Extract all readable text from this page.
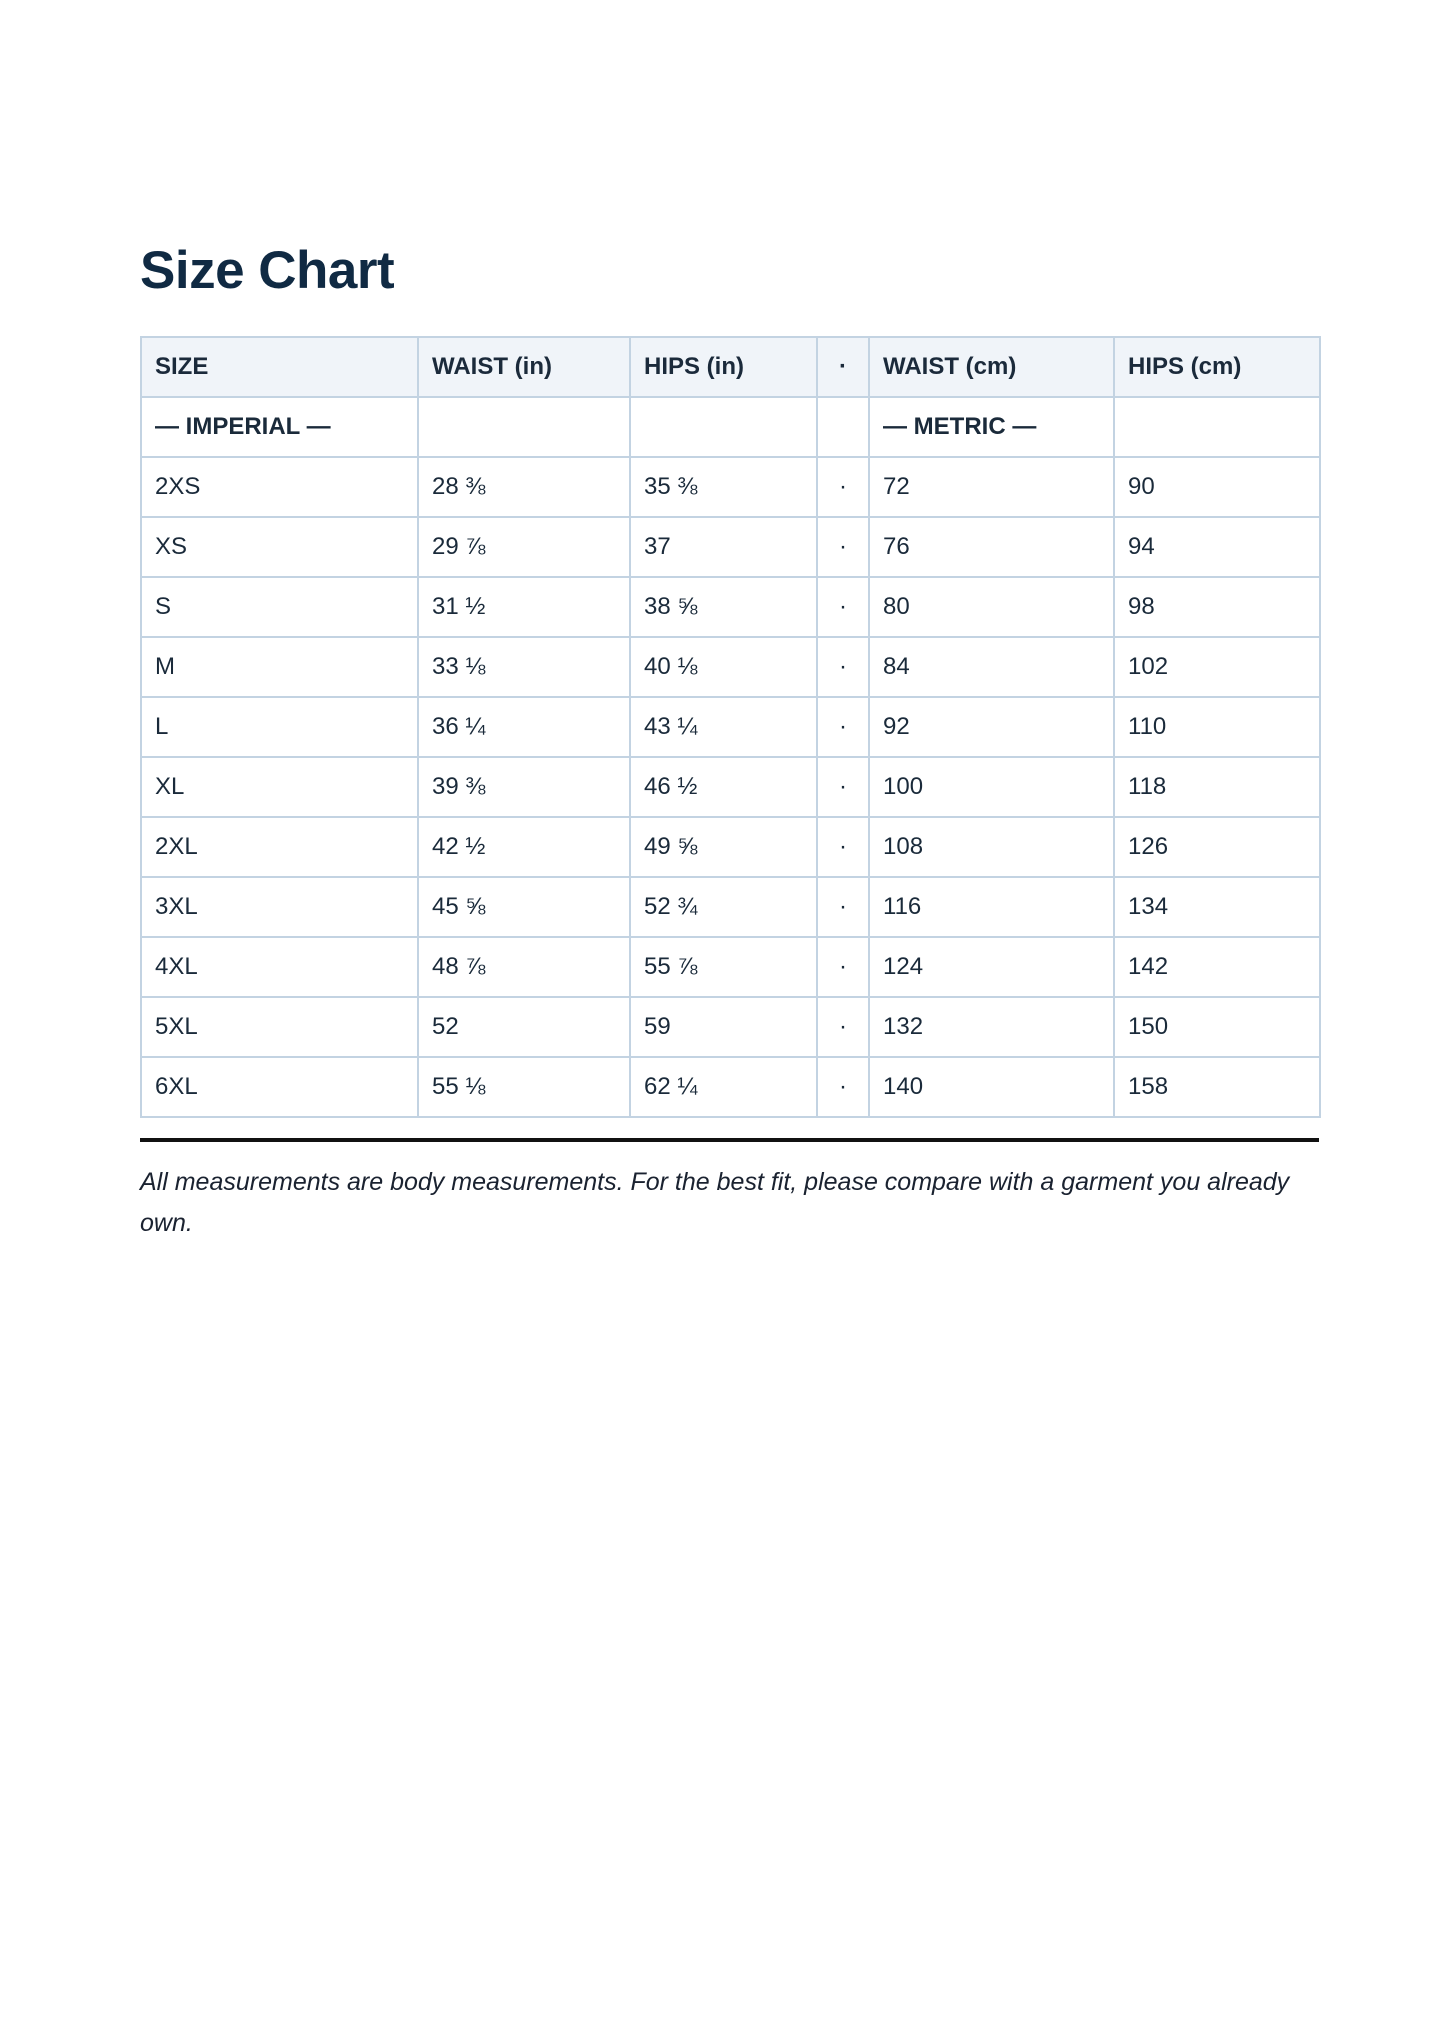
Size Chart
SIZE	WAIST (in)	HIPS (in)	·	WAIST (cm)	HIPS (cm)
— IMPERIAL —				— METRIC —	
2XS	28 ⅜	35 ⅜	·	72	90
XS	29 ⅞	37	·	76	94
S	31 ½	38 ⅝	·	80	98
M	33 ⅛	40 ⅛	·	84	102
L	36 ¼	43 ¼	·	92	110
XL	39 ⅜	46 ½	·	100	118
2XL	42 ½	49 ⅝	·	108	126
3XL	45 ⅝	52 ¾	·	116	134
4XL	48 ⅞	55 ⅞	·	124	142
5XL	52	59	·	132	150
6XL	55 ⅛	62 ¼	·	140	158

All measurements are body measurements. For the best fit, please compare with a garment you already own.
